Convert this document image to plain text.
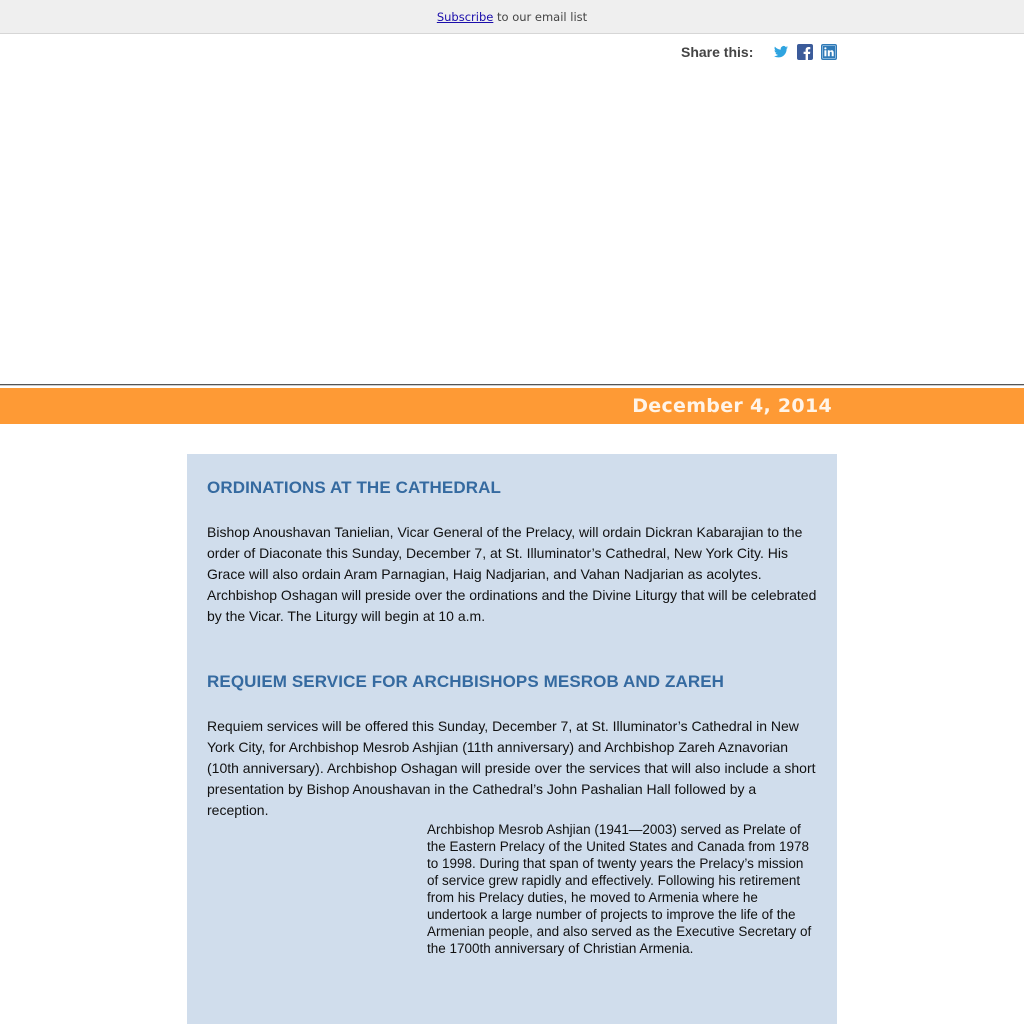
Subscribe to our email list
Share this:
December 4, 2014
ORDINATIONS AT THE CATHEDRAL

Bishop Anoushavan Tanielian, Vicar General of the Prelacy, will ordain Dickran Kabarajian to the order of Diaconate this Sunday, December 7, at St. Illuminator’s Cathedral, New York City. His Grace will also ordain Aram Parnagian, Haig Nadjarian, and Vahan Nadjarian as acolytes. Archbishop Oshagan will preside over the ordinations and the Divine Liturgy that will be celebrated by the Vicar. The Liturgy will begin at 10 a.m.

REQUIEM SERVICE FOR ARCHBISHOPS MESROB AND ZAREH

Requiem services will be offered this Sunday, December 7, at St. Illuminator’s Cathedral in New York City, for Archbishop Mesrob Ashjian (11th anniversary) and Archbishop Zareh Aznavorian (10th anniversary). Archbishop Oshagan will preside over the services that will also include a short presentation by Bishop Anoushavan in the Cathedral’s John Pashalian Hall followed by a reception.

Archbishop Mesrob Ashjian (1941—2003) served as Prelate of the Eastern Prelacy of the United States and Canada from 1978 to 1998. During that span of twenty years the Prelacy’s mission of service grew rapidly and effectively. Following his retirement from his Prelacy duties, he moved to Armenia where he undertook a large number of projects to improve the life of the Armenian people, and also served as the Executive Secretary of the 1700th anniversary of Christian Armenia.
